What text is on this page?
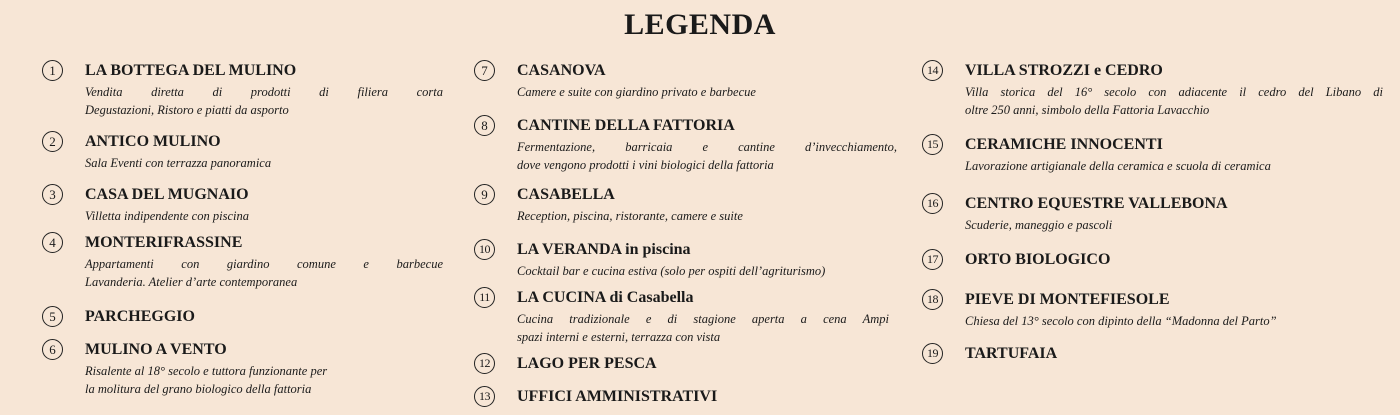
LEGENDA
1	LA BOTTEGA DEL MULINO
Vendita diretta di prodotti di filiera corta
Degustazioni, Ristoro e piatti da asporto
2	ANTICO MULINO
Sala Eventi con terrazza panoramica
3	CASA DEL MUGNAIO
Villetta indipendente con piscina
4	MONTERIFRASSINE
Appartamenti con giardino comune e barbecue
Lavanderia. Atelier d’arte contemporanea
5	PARCHEGGIO
6	MULINO A VENTO
Risalente al 18° secolo e tuttora funzionante per
la molitura del grano biologico della fattoria
7	CASANOVA
Camere e suite con giardino privato e barbecue
8	CANTINE DELLA FATTORIA
Fermentazione, barricaia e cantine d’invecchiamento,
dove vengono prodotti i vini biologici della fattoria
9	CASABELLA
Reception, piscina, ristorante, camere e suite
10	LA VERANDA in piscina
Cocktail bar e cucina estiva (solo per ospiti dell’agriturismo)
11	LA CUCINA di Casabella
Cucina tradizionale e di stagione aperta a cena Ampi
spazi interni e esterni, terrazza con vista
12	LAGO PER PESCA
13	UFFICI AMMINISTRATIVI
14	VILLA STROZZI e CEDRO
Villa storica del 16° secolo con adiacente il cedro del Libano di
oltre 250 anni, simbolo della Fattoria Lavacchio
15	CERAMICHE INNOCENTI
Lavorazione artigianale della ceramica e scuola di ceramica
16	CENTRO EQUESTRE VALLEBONA
Scuderie, maneggio e pascoli
17	ORTO BIOLOGICO
18	PIEVE DI MONTEFIESOLE
Chiesa del 13° secolo con dipinto della “Madonna del Parto”
19	TARTUFAIA
